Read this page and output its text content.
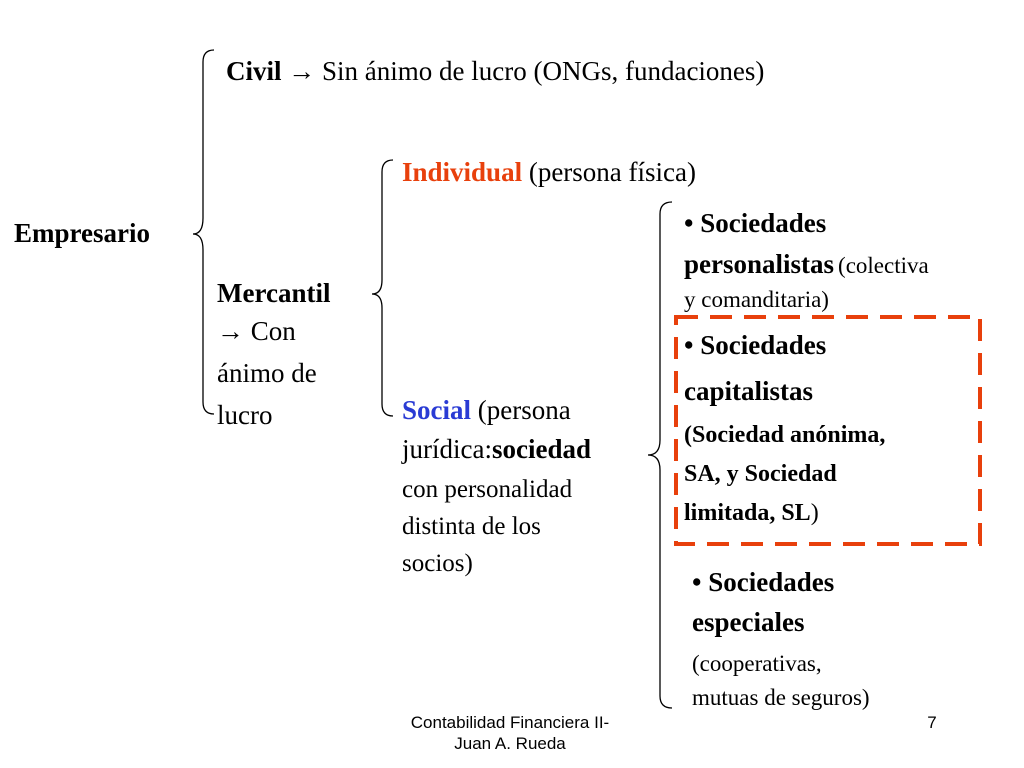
Empresario
Civil → Sin ánimo de lucro (ONGs, fundaciones)
Mercantil
→ Con
ánimo de
lucro
Individual (persona física)
Social (persona
jurídica:sociedad
con personalidad
distinta de los
socios)
• Sociedades
personalistas (colectiva
y comanditaria)
• Sociedades
capitalistas
(Sociedad anónima,
SA, y Sociedad
limitada, SL)
• Sociedades
especiales
(cooperativas,
mutuas de seguros)
Contabilidad Financiera II-
Juan A. Rueda
7
